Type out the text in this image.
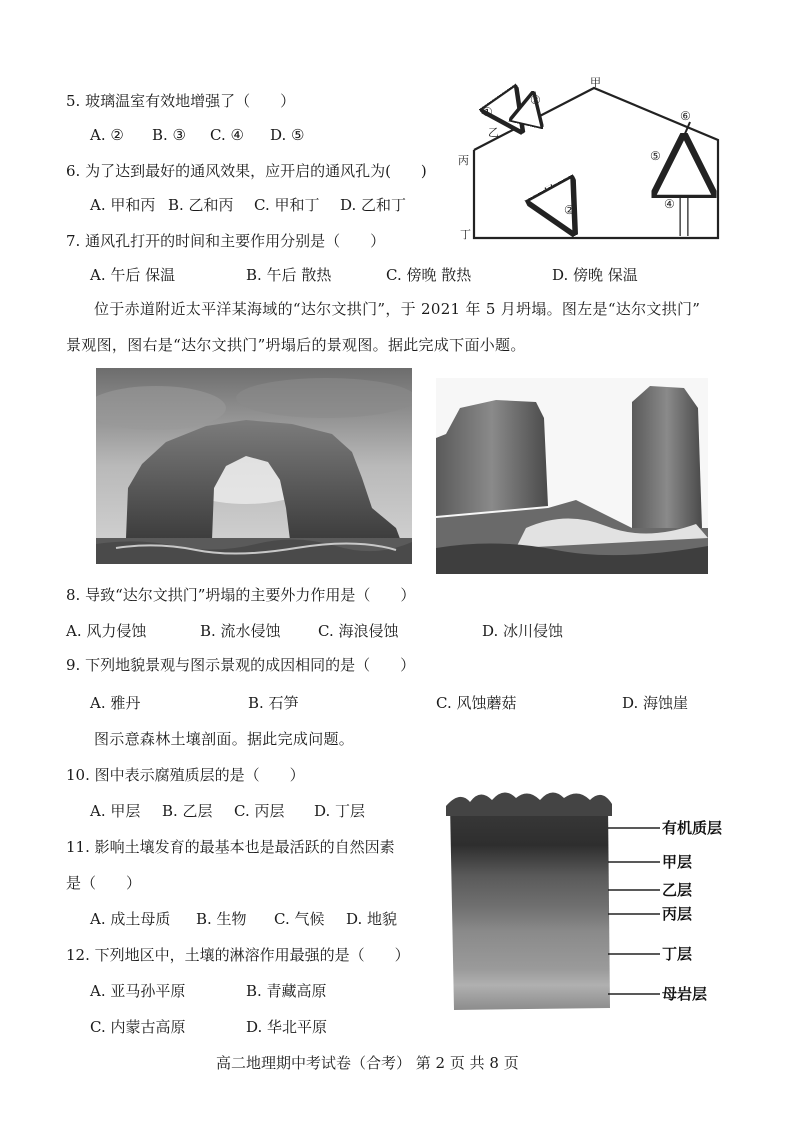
5. 玻璃温室有效地增强了（　　）
A. ② B. ③ C. ④ D. ⑤
6. 为了达到最好的通风效果，应开启的通风孔为(　　)
A. 甲和丙 B. 乙和丙 C. 甲和丁 D. 乙和丁
7. 通风孔打开的时间和主要作用分别是（　　）
A. 午后 保温	B. 午后 散热	C. 傍晚 散热	D. 傍晚 保温
甲
乙
丙
丁
①
②
③
④
⑤
⑥
位于赤道附近太平洋某海域的“达尔文拱门”，于 2021 年 5 月坍塌。图左是“达尔文拱门”
景观图，图右是“达尔文拱门”坍塌后的景观图。据此完成下面小题。
8. 导致“达尔文拱门”坍塌的主要外力作用是（　　）
A. 风力侵蚀	B. 流水侵蚀 C. 海浪侵蚀	D. 冰川侵蚀
9. 下列地貌景观与图示景观的成因相同的是（　　）
A. 雅丹	B. 石笋	C. 风蚀蘑菇	D. 海蚀崖
图示意森林土壤剖面。据此完成问题。
10. 图中表示腐殖质层的是（　　）
A. 甲层 B. 乙层 C. 丙层 D. 丁层
11. 影响土壤发育的最基本也是最活跃的自然因素
是（　　）
A. 成土母质 B. 生物 C. 气候 D. 地貌
12. 下列地区中，土壤的淋溶作用最强的是（　　）
A. 亚马孙平原	B. 青藏高原
C. 内蒙古高原	D. 华北平原
有机质层
甲层
乙层
丙层
丁层
母岩层
高二地理期中考试卷（合考） 第 2 页 共 8 页
